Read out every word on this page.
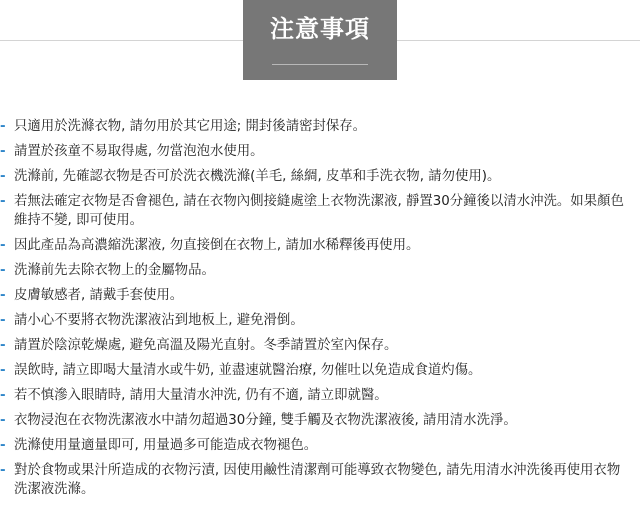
注意事項
- 只適用於洗滌衣物, 請勿用於其它用途; 開封後請密封保存。
- 請置於孩童不易取得處, 勿當泡泡水使用。
- 洗滌前, 先確認衣物是否可於洗衣機洗滌(羊毛, 絲綢, 皮革和手洗衣物, 請勿使用)。
- 若無法確定衣物是否會褪色, 請在衣物內側接縫處塗上衣物洗潔液, 靜置30分鐘後以清水沖洗。如果顏色維持不變, 即可使用。
- 因此產品為高濃縮洗潔液, 勿直接倒在衣物上, 請加水稀釋後再使用。
- 洗滌前先去除衣物上的金屬物品。
- 皮膚敏感者, 請戴手套使用。
- 請小心不要將衣物洗潔液沾到地板上, 避免滑倒。
- 請置於陰涼乾燥處, 避免高溫及陽光直射。冬季請置於室內保存。
- 誤飲時, 請立即喝大量清水或牛奶, 並盡速就醫治療, 勿催吐以免造成食道灼傷。
- 若不慎滲入眼睛時, 請用大量清水沖洗, 仍有不適, 請立即就醫。
- 衣物浸泡在衣物洗潔液水中請勿超過30分鐘, 雙手觸及衣物洗潔液後, 請用清水洗淨。
- 洗滌使用量適量即可, 用量過多可能造成衣物褪色。
- 對於食物或果汁所造成的衣物污漬, 因使用鹼性清潔劑可能導致衣物變色, 請先用清水沖洗後再使用衣物洗潔液洗滌。
